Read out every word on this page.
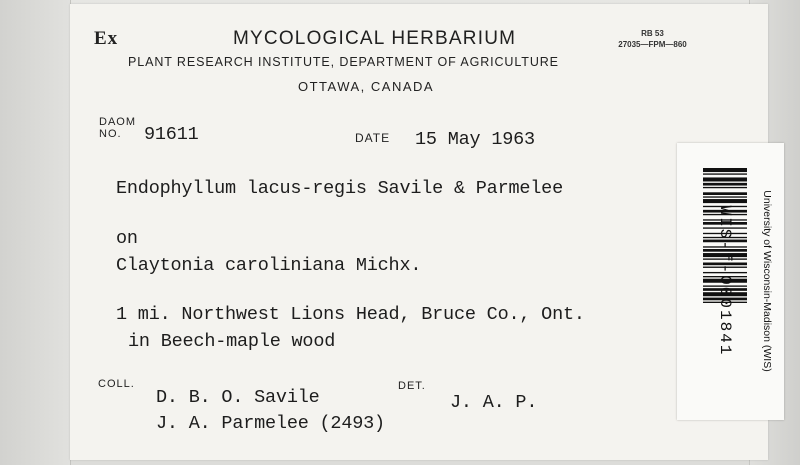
Ex	MYCOLOGICAL HERBARIUM	RB 53
27035—FPM—860
PLANT RESEARCH INSTITUTE, DEPARTMENT OF AGRICULTURE
OTTAWA, CANADA
DAOM
NO. 91611	DATE 15 May 1963
Endophyllum lacus-regis Savile & Parmelee
on
Claytonia caroliniana Michx.
1 mi. Northwest Lions Head, Bruce Co., Ont.
in Beech-maple wood
COLL.
D. B. O. Savile
J. A. Parmelee (2493)
DET.
J. A. P.
WIS-f-0001841	University of Wisconsin-Madison (WIS)
